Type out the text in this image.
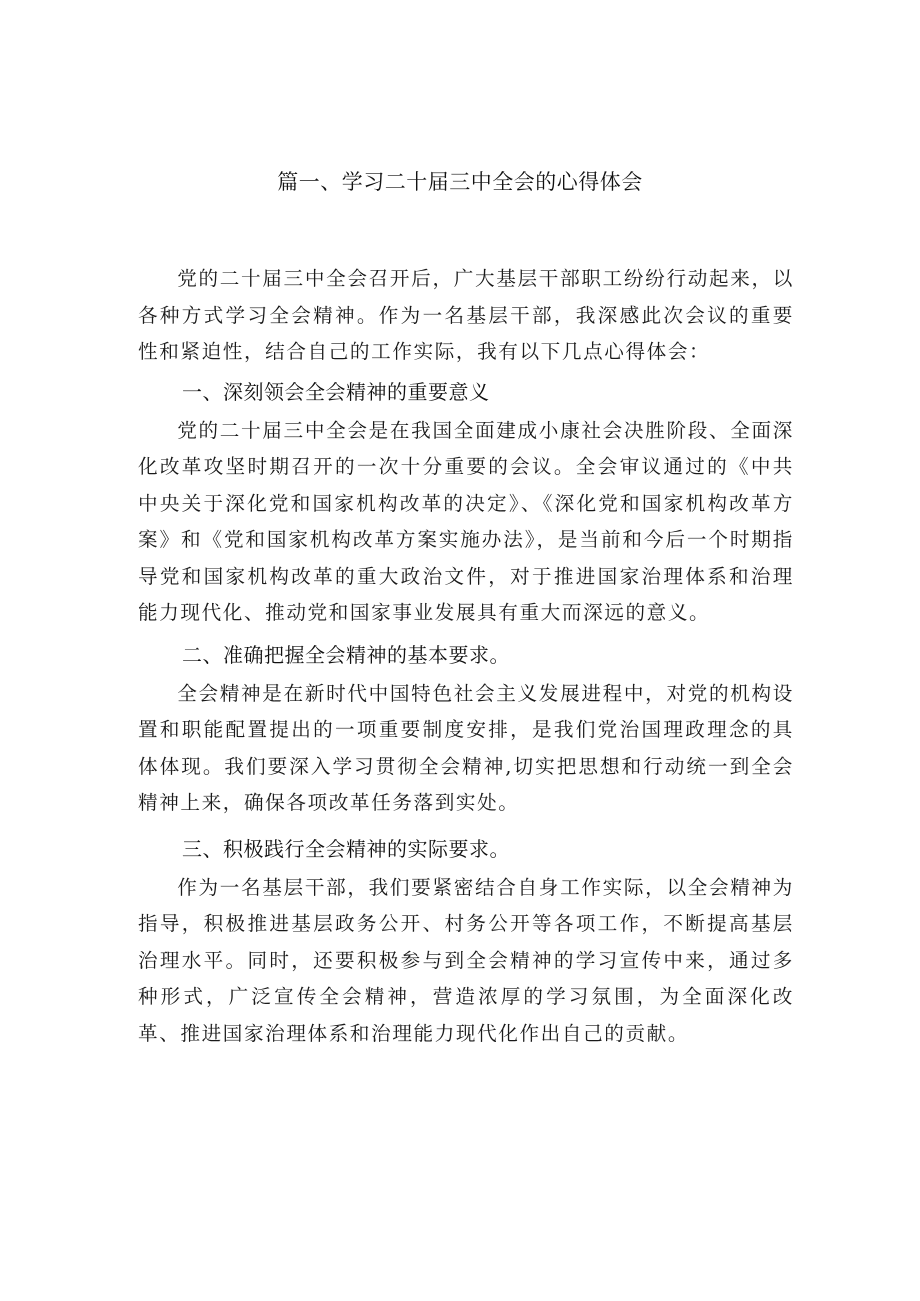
篇一、学习二十届三中全会的心得体会

党的二十届三中全会召开后，广大基层干部职工纷纷行动起来，以各种方式学习全会精神。作为一名基层干部，我深感此次会议的重要性和紧迫性，结合自己的工作实际，我有以下几点心得体会：

一、深刻领会全会精神的重要意义

党的二十届三中全会是在我国全面建成小康社会决胜阶段、全面深化改革攻坚时期召开的一次十分重要的会议。全会审议通过的《中共中央关于深化党和国家机构改革的决定》、《深化党和国家机构改革方案》和《党和国家机构改革方案实施办法》，是当前和今后一个时期指导党和国家机构改革的重大政治文件，对于推进国家治理体系和治理能力现代化、推动党和国家事业发展具有重大而深远的意义。

二、准确把握全会精神的基本要求。

全会精神是在新时代中国特色社会主义发展进程中，对党的机构设置和职能配置提出的一项重要制度安排，是我们党治国理政理念的具体体现。我们要深入学习贯彻全会精神,切实把思想和行动统一到全会精神上来，确保各项改革任务落到实处。

三、积极践行全会精神的实际要求。

作为一名基层干部，我们要紧密结合自身工作实际，以全会精神为指导，积极推进基层政务公开、村务公开等各项工作，不断提高基层治理水平。同时，还要积极参与到全会精神的学习宣传中来，通过多种形式，广泛宣传全会精神，营造浓厚的学习氛围，为全面深化改革、推进国家治理体系和治理能力现代化作出自己的贡献。
